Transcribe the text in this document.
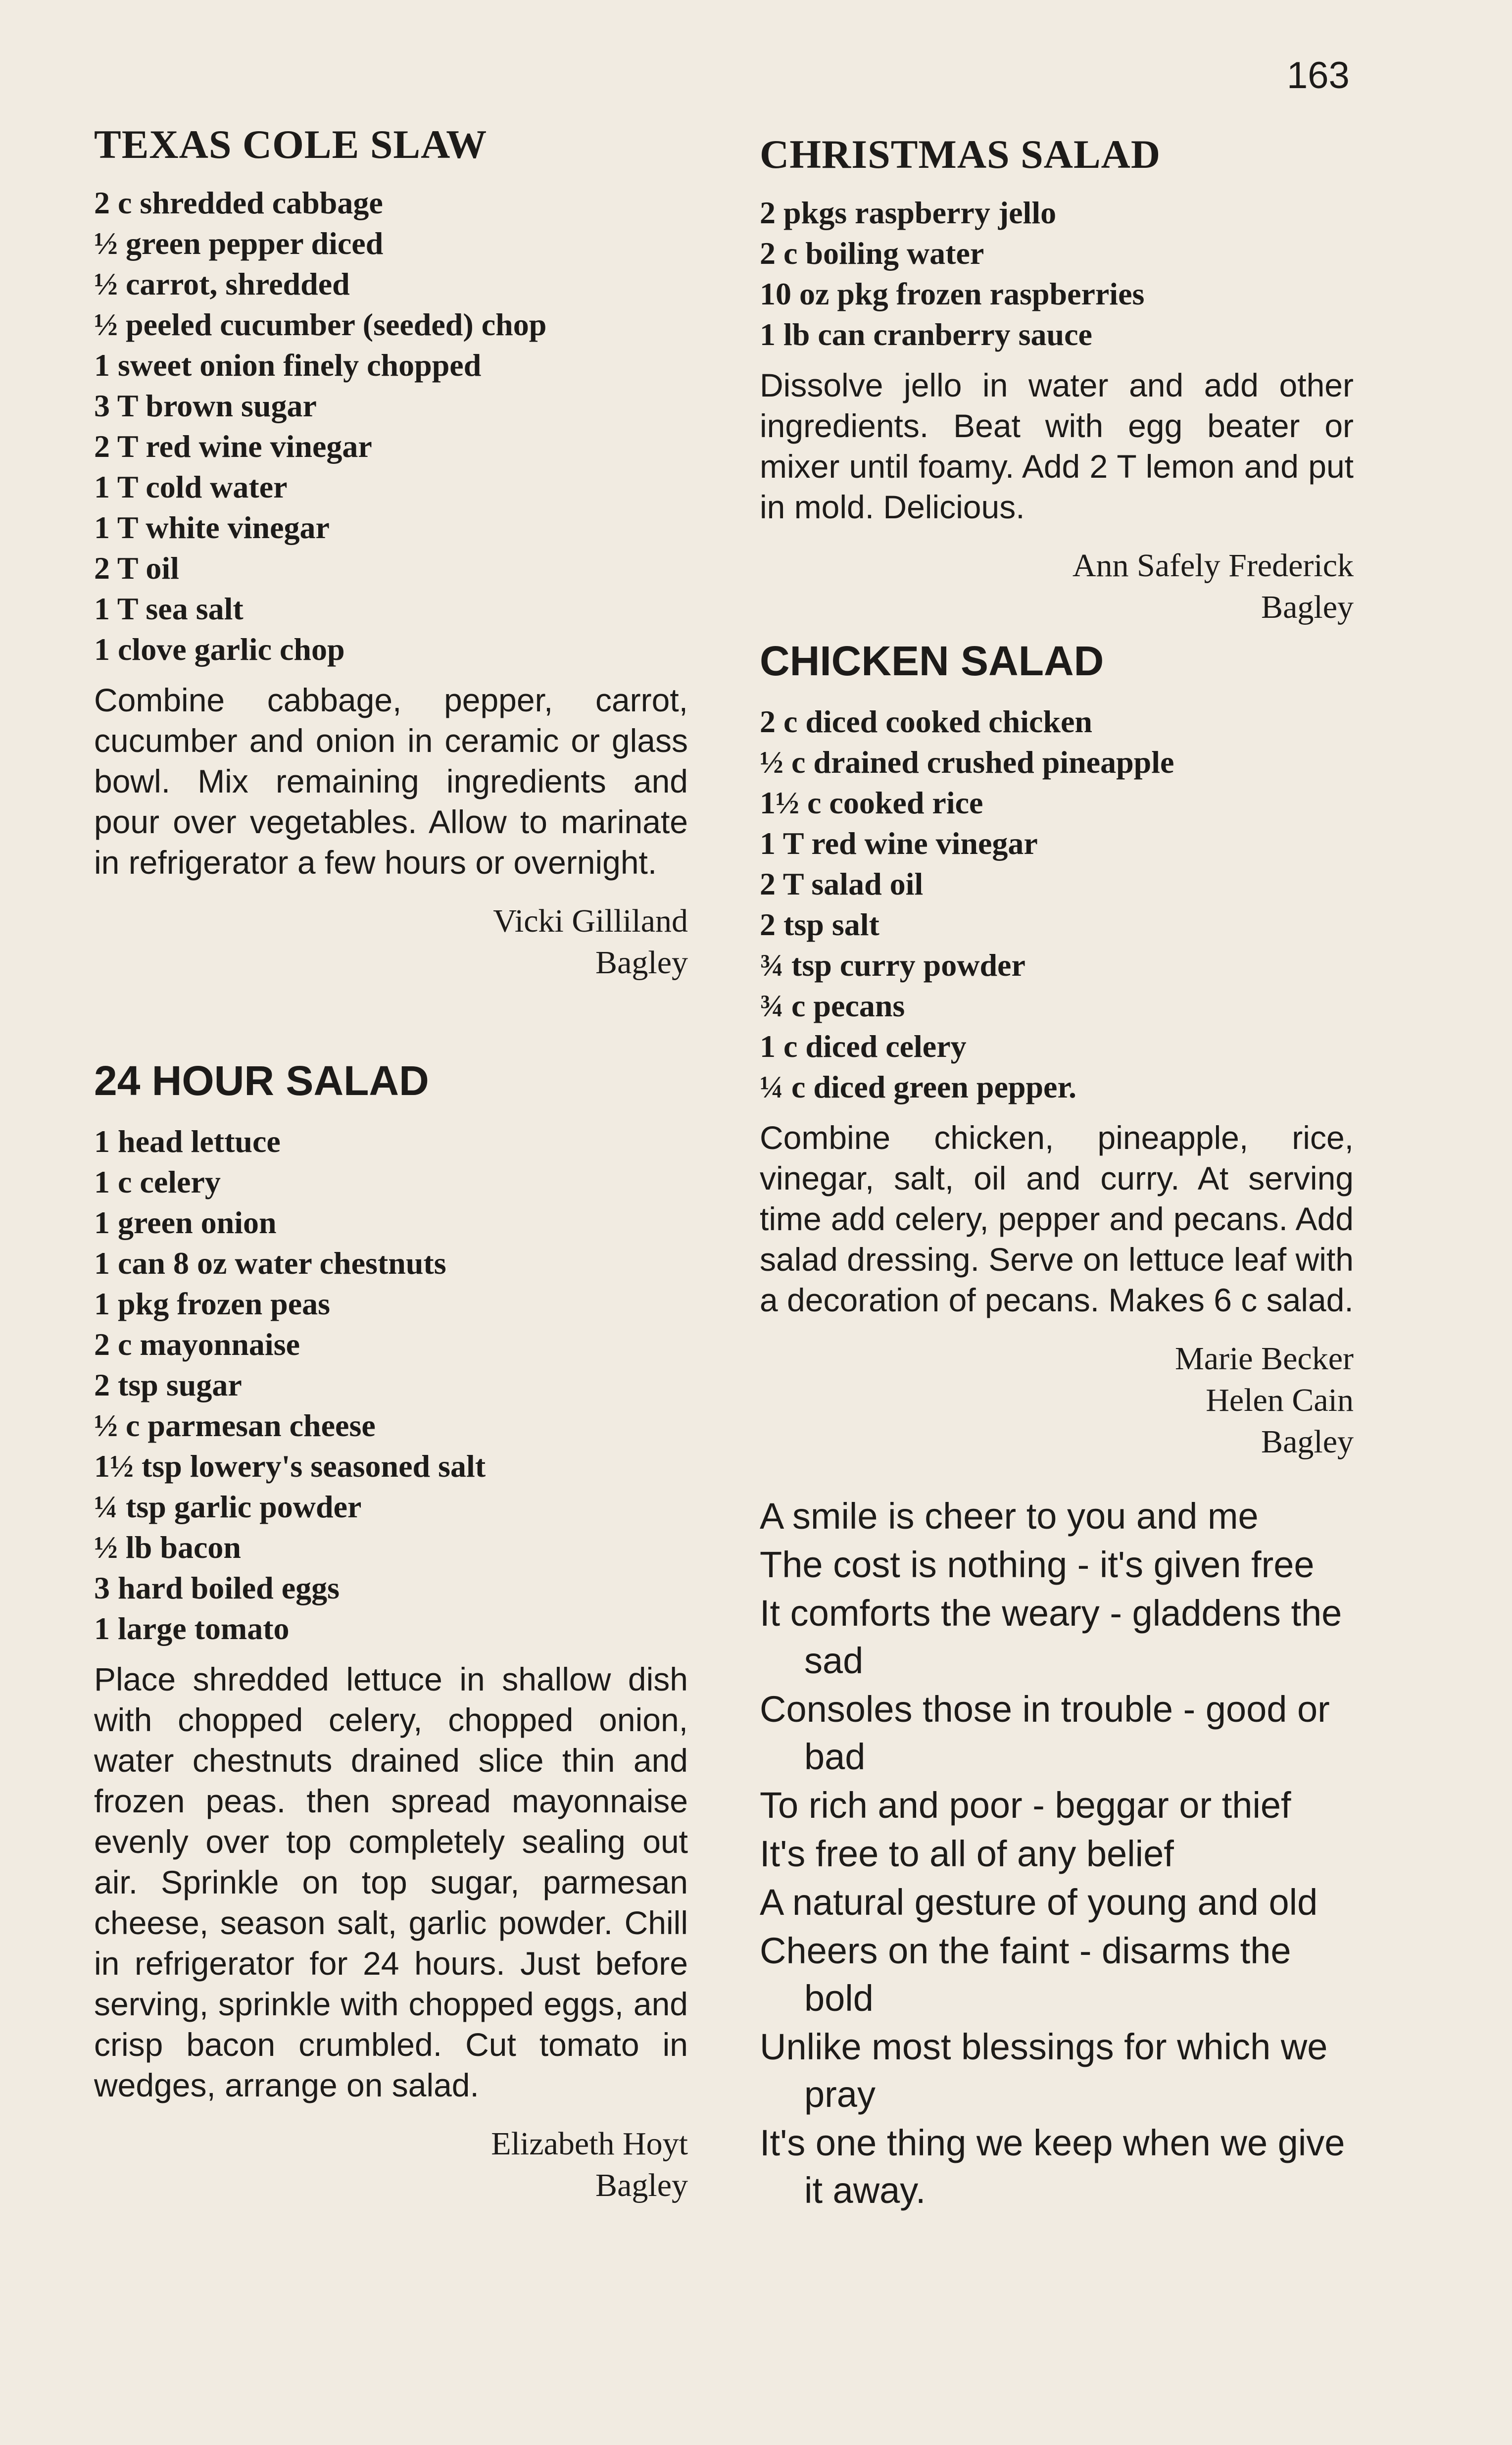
163
TEXAS COLE SLAW
2 c shredded cabbage
½ green pepper diced
½ carrot, shredded
½ peeled cucumber (seeded) chop
1 sweet onion finely chopped
3 T brown sugar
2 T red wine vinegar
1 T cold water
1 T white vinegar
2 T oil
1 T sea salt
1 clove garlic chop

Combine cabbage, pepper, carrot, cucumber and onion in ceramic or glass bowl. Mix remaining ingredients and pour over vegetables. Allow to marinate in refrigerator a few hours or overnight.

Vicki Gilliland
Bagley
24 HOUR SALAD
1 head lettuce
1 c celery
1 green onion
1 can 8 oz water chestnuts
1 pkg frozen peas
2 c mayonnaise
2 tsp sugar
½ c parmesan cheese
1½ tsp lowery's seasoned salt
¼ tsp garlic powder
½ lb bacon
3 hard boiled eggs
1 large tomato

Place shredded lettuce in shallow dish with chopped celery, chopped onion, water chestnuts drained slice thin and frozen peas. then spread mayonnaise evenly over top completely sealing out air. Sprinkle on top sugar, parmesan cheese, season salt, garlic powder. Chill in refrigerator for 24 hours. Just before serving, sprinkle with chopped eggs, and crisp bacon crumbled. Cut tomato in wedges, arrange on salad.

Elizabeth Hoyt
Bagley
CHRISTMAS SALAD
2 pkgs raspberry jello
2 c boiling water
10 oz pkg frozen raspberries
1 lb can cranberry sauce

Dissolve jello in water and add other ingredients. Beat with egg beater or mixer until foamy. Add 2 T lemon and put in mold. Delicious.

Ann Safely Frederick
Bagley
CHICKEN SALAD
2 c diced cooked chicken
½ c drained crushed pineapple
1½ c cooked rice
1 T red wine vinegar
2 T salad oil
2 tsp salt
¾ tsp curry powder
¾ c pecans
1 c diced celery
¼ c diced green pepper.

Combine chicken, pineapple, rice, vinegar, salt, oil and curry. At serving time add celery, pepper and pecans. Add salad dressing. Serve on lettuce leaf with a decoration of pecans. Makes 6 c salad.

Marie Becker
Helen Cain
Bagley
A smile is cheer to you and me
The cost is nothing - it's given free
It comforts the weary - gladdens the sad
Consoles those in trouble - good or bad
To rich and poor - beggar or thief
It's free to all of any belief
A natural gesture of young and old
Cheers on the faint - disarms the bold
Unlike most blessings for which we pray
It's one thing we keep when we give it away.
